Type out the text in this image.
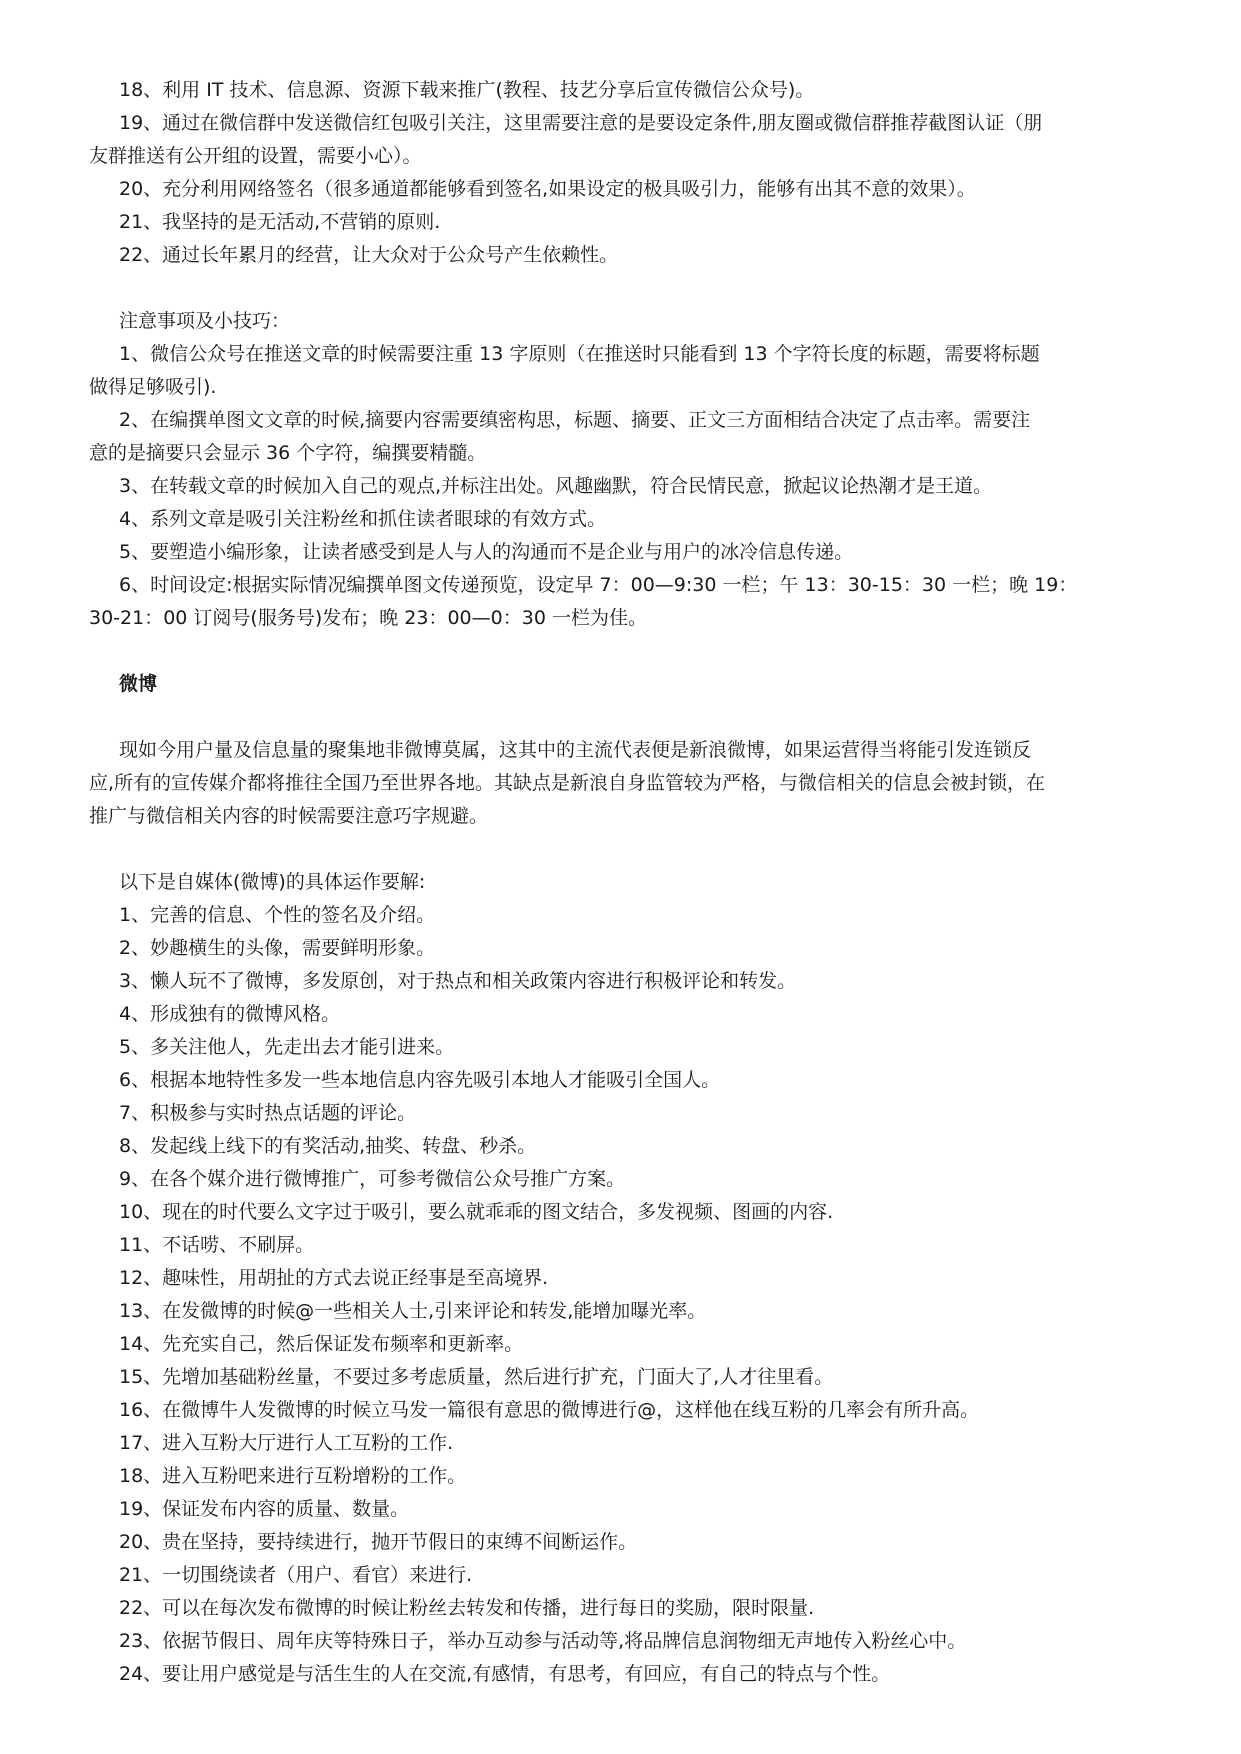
18、利用 IT 技术、信息源、资源下载来推广(教程、技艺分享后宣传微信公众号)。

19、通过在微信群中发送微信红包吸引关注，这里需要注意的是要设定条件,朋友圈或微信群推荐截图认证（朋

友群推送有公开组的设置，需要小心）。

20、充分利用网络签名（很多通道都能够看到签名,如果设定的极具吸引力，能够有出其不意的效果）。

21、我坚持的是无活动,不营销的原则.

22、通过长年累月的经营，让大众对于公众号产生依赖性。

注意事项及小技巧：

1、微信公众号在推送文章的时候需要注重 13 字原则（在推送时只能看到 13 个字符长度的标题，需要将标题

做得足够吸引).

2、在编撰单图文文章的时候,摘要内容需要缜密构思，标题、摘要、正文三方面相结合决定了点击率。需要注

意的是摘要只会显示 36 个字符，编撰要精髓。

3、在转载文章的时候加入自己的观点,并标注出处。风趣幽默，符合民情民意，掀起议论热潮才是王道。

4、系列文章是吸引关注粉丝和抓住读者眼球的有效方式。

5、要塑造小编形象，让读者感受到是人与人的沟通而不是企业与用户的冰冷信息传递。

6、时间设定:根据实际情况编撰单图文传递预览，设定早 7：00—9:30 一栏；午 13：30-15：30 一栏；晚 19：

30-21：00 订阅号(服务号)发布；晚 23：00—0：30 一栏为佳。

微博

现如今用户量及信息量的聚集地非微博莫属，这其中的主流代表便是新浪微博，如果运营得当将能引发连锁反

应,所有的宣传媒介都将推往全国乃至世界各地。其缺点是新浪自身监管较为严格，与微信相关的信息会被封锁，在

推广与微信相关内容的时候需要注意巧字规避。

以下是自媒体(微博)的具体运作要解:

1、完善的信息、个性的签名及介绍。
2、妙趣横生的头像，需要鲜明形象。
3、懒人玩不了微博，多发原创，对于热点和相关政策内容进行积极评论和转发。
4、形成独有的微博风格。
5、多关注他人，先走出去才能引进来。
6、根据本地特性多发一些本地信息内容先吸引本地人才能吸引全国人。
7、积极参与实时热点话题的评论。
8、发起线上线下的有奖活动,抽奖、转盘、秒杀。
9、在各个媒介进行微博推广，可参考微信公众号推广方案。
10、现在的时代要么文字过于吸引，要么就乖乖的图文结合，多发视频、图画的内容.
11、不话唠、不刷屏。
12、趣味性，用胡扯的方式去说正经事是至高境界.
13、在发微博的时候@一些相关人士,引来评论和转发,能增加曝光率。
14、先充实自己，然后保证发布频率和更新率。
15、先增加基础粉丝量，不要过多考虑质量，然后进行扩充，门面大了,人才往里看。
16、在微博牛人发微博的时候立马发一篇很有意思的微博进行@，这样他在线互粉的几率会有所升高。
17、进入互粉大厅进行人工互粉的工作.
18、进入互粉吧来进行互粉增粉的工作。
19、保证发布内容的质量、数量。
20、贵在坚持，要持续进行，抛开节假日的束缚不间断运作。
21、一切围绕读者（用户、看官）来进行.
22、可以在每次发布微博的时候让粉丝去转发和传播，进行每日的奖励，限时限量.
23、依据节假日、周年庆等特殊日子，举办互动参与活动等,将品牌信息润物细无声地传入粉丝心中。
24、要让用户感觉是与活生生的人在交流,有感情，有思考，有回应，有自己的特点与个性。
